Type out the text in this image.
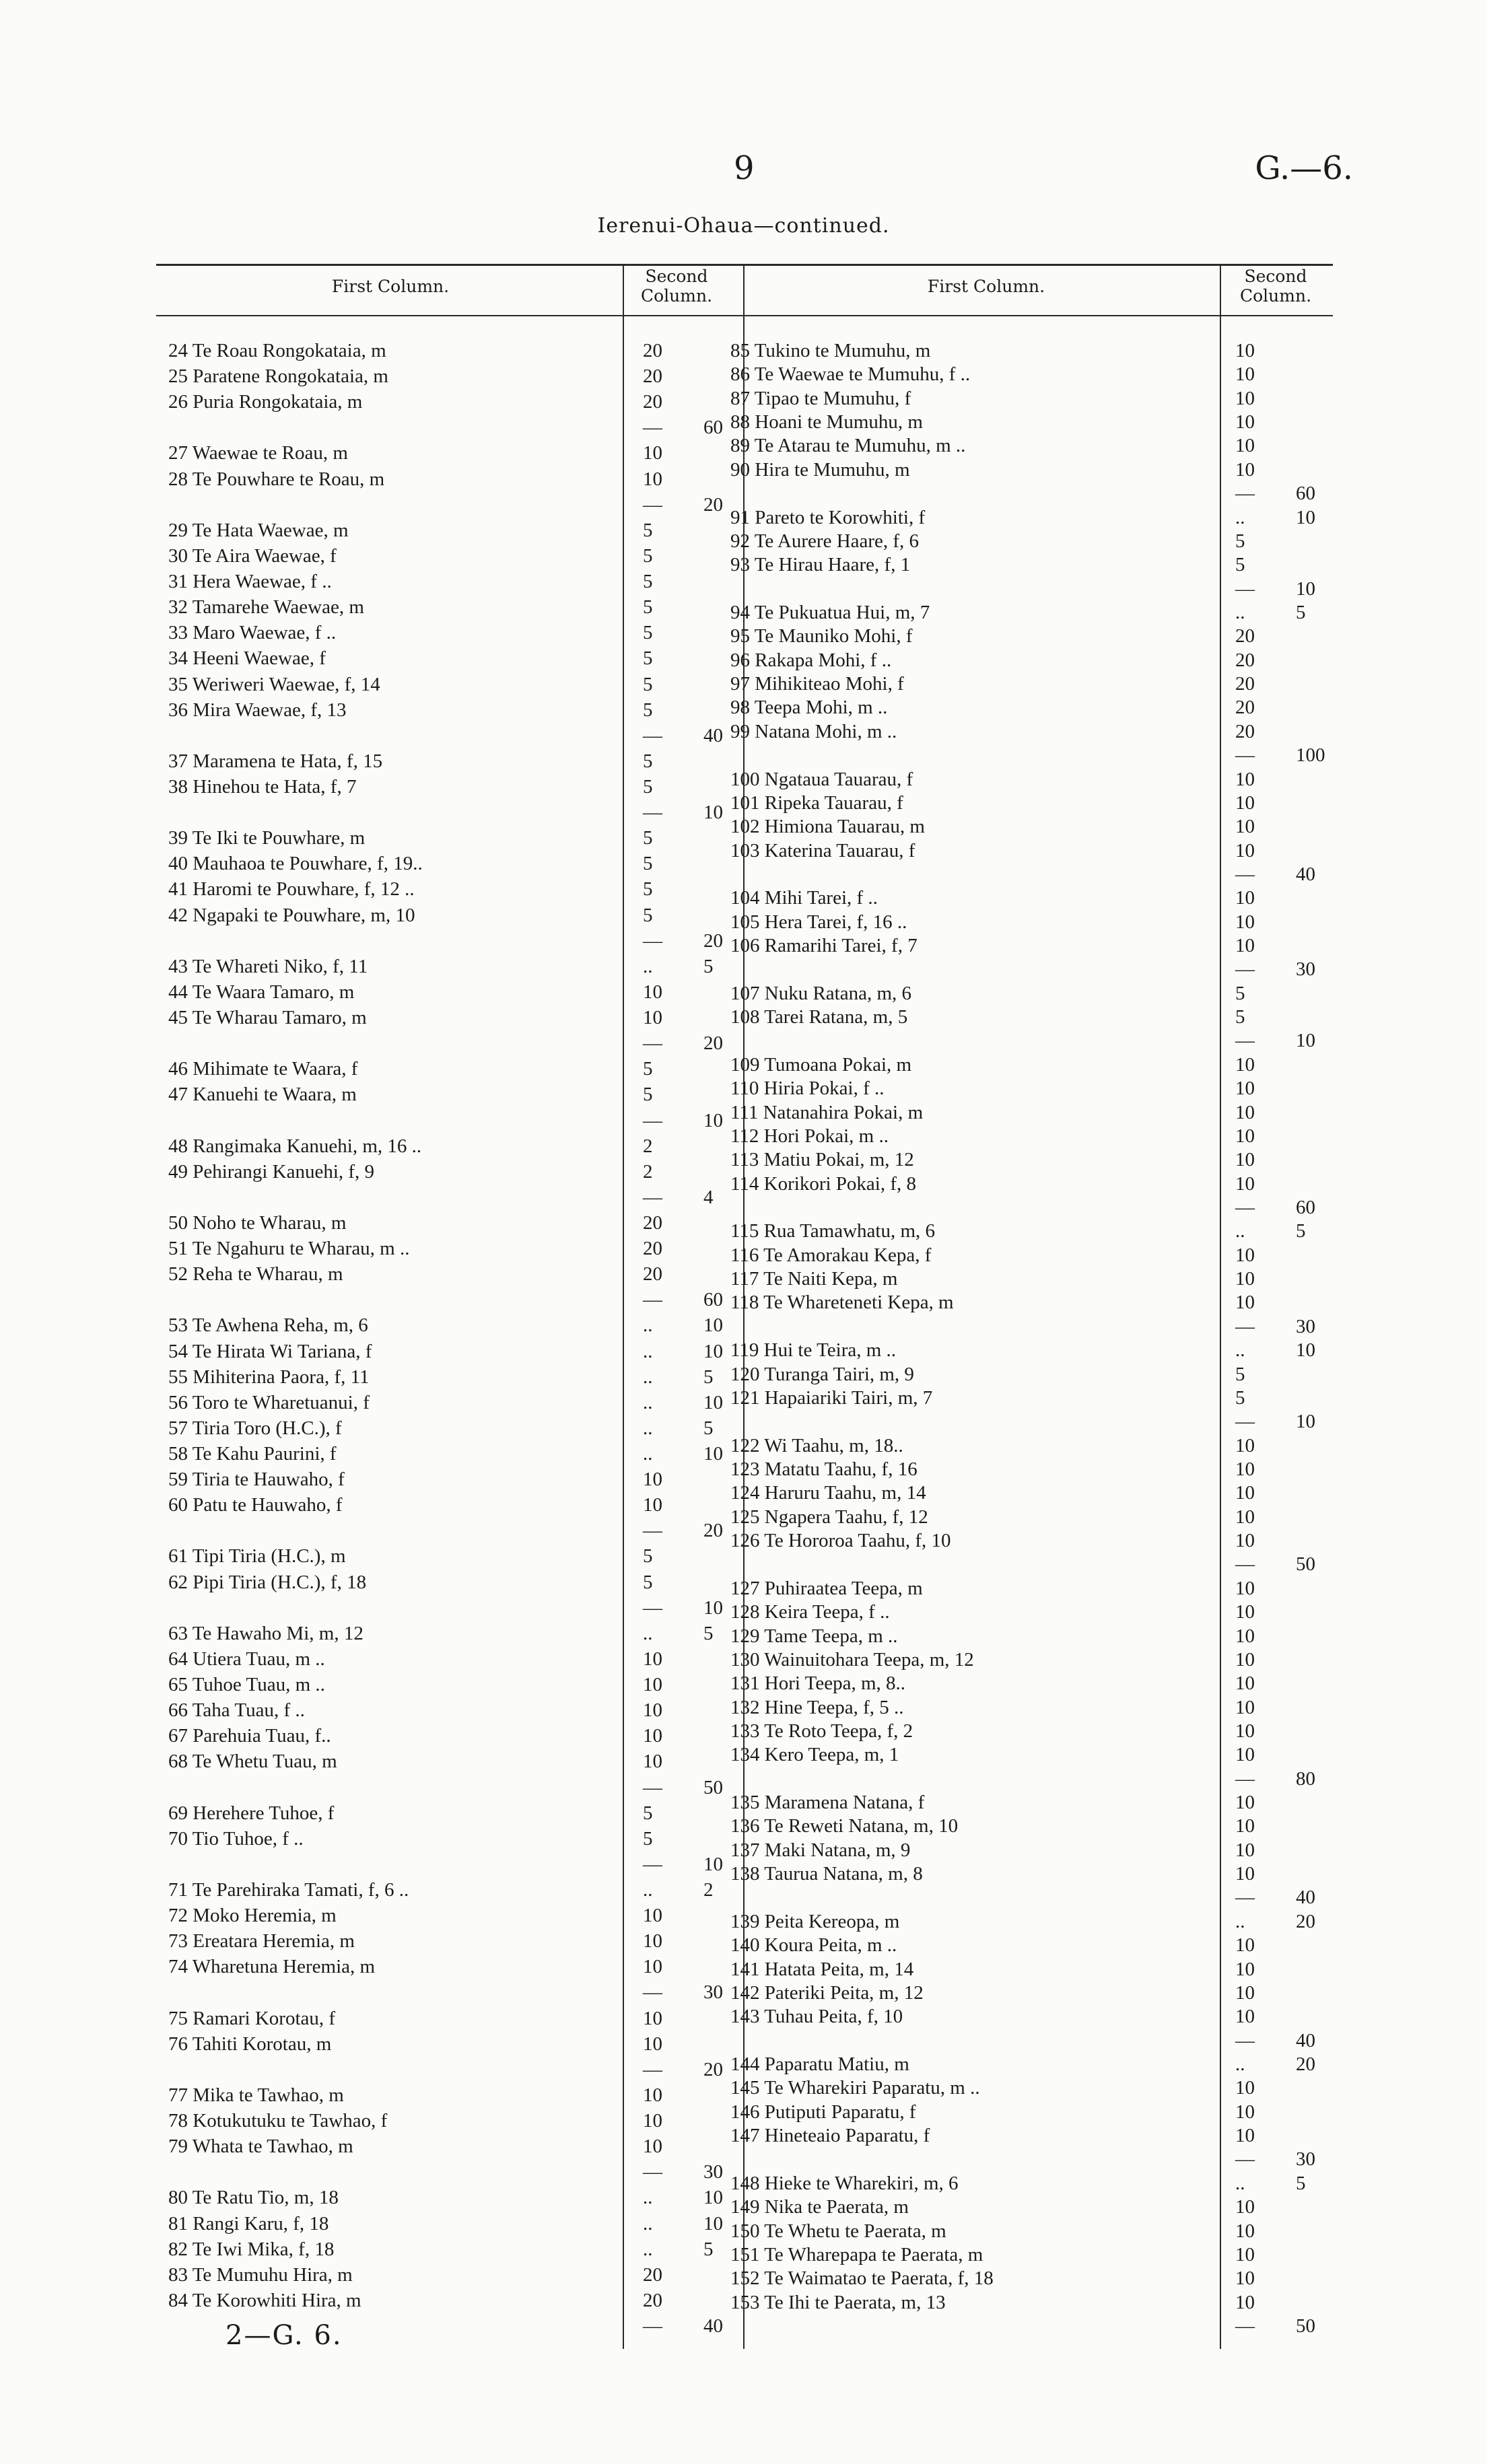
9	G.—6.
Ierenui-Ohaua—continued.
First Column.
Second Column.	First Column.
Second Column.
24 Te Roau Rongokataia, m	20
25 Paratene Rongokataia, m	20
26 Puria Rongokataia, m	20
— 60
27 Waewae te Roau, m	10
28 Te Pouwhare te Roau, m	10
— 20
29 Te Hata Waewae, m	5
30 Te Aira Waewae, f	5
31 Hera Waewae, f ..	5
32 Tamarehe Waewae, m	5
33 Maro Waewae, f ..	5
34 Heeni Waewae, f	5
35 Weriweri Waewae, f, 14	5
36 Mira Waewae, f, 13	5
— 40
37 Maramena te Hata, f, 15	5
38 Hinehou te Hata, f, 7	5
— 10
39 Te Iki te Pouwhare, m	5
40 Mauhaoa te Pouwhare, f, 19..	5
41 Haromi te Pouwhare, f, 12 ..	5
42 Ngapaki te Pouwhare, m, 10	5
— 20
43 Te Whareti Niko, f, 11	..	5
44 Te Waara Tamaro, m	10
45 Te Wharau Tamaro, m	10
— 20
46 Mihimate te Waara, f	5
47 Kanuehi te Waara, m	5
— 10
48 Rangimaka Kanuehi, m, 16 ..	2
49 Pehirangi Kanuehi, f, 9	2
— 4
50 Noho te Wharau, m	20
51 Te Ngahuru te Wharau, m ..	20
52 Reha te Wharau, m	20
— 60
53 Te Awhena Reha, m, 6	..	10
54 Te Hirata Wi Tariana, f	..	10
55 Mihiterina Paora, f, 11	..	5
56 Toro te Wharetuanui, f	..	10
57 Tiria Toro (H.C.), f	..	5
58 Te Kahu Paurini, f	..	10
59 Tiria te Hauwaho, f	10
60 Patu te Hauwaho, f	10
— 20
61 Tipi Tiria (H.C.), m	5
62 Pipi Tiria (H.C.), f, 18	5
— 10
63 Te Hawaho Mi, m, 12	..	5
64 Utiera Tuau, m ..	10
65 Tuhoe Tuau, m ..	10
66 Taha Tuau, f ..	10
67 Parehuia Tuau, f..	10
68 Te Whetu Tuau, m	10
— 50
69 Herehere Tuhoe, f	5
70 Tio Tuhoe, f ..	5
— 10
71 Te Parehiraka Tamati, f, 6 ..	..	2
72 Moko Heremia, m	10
73 Ereatara Heremia, m	10
74 Wharetuna Heremia, m	10
— 30
75 Ramari Korotau, f	10
76 Tahiti Korotau, m	10
— 20
77 Mika te Tawhao, m	10
78 Kotukutuku te Tawhao, f	10
79 Whata te Tawhao, m	10
— 30
80 Te Ratu Tio, m, 18	..	10
81 Rangi Karu, f, 18	..	10
82 Te Iwi Mika, f, 18	..	5
83 Te Mumuhu Hira, m	20
84 Te Korowhiti Hira, m	20
— 40
85 Tukino te Mumuhu, m	10
86 Te Waewae te Mumuhu, f ..	10
87 Tipao te Mumuhu, f	10
88 Hoani te Mumuhu, m	10
89 Te Atarau te Mumuhu, m ..	10
90 Hira te Mumuhu, m	10
— 60
91 Pareto te Korowhiti, f	..	10
92 Te Aurere Haare, f, 6	5
93 Te Hirau Haare, f, 1	5
— 10
94 Te Pukuatua Hui, m, 7	..	5
95 Te Mauniko Mohi, f	20
96 Rakapa Mohi, f ..	20
97 Mihikiteao Mohi, f	20
98 Teepa Mohi, m ..	20
99 Natana Mohi, m ..	20
— 100
100 Ngataua Tauarau, f	10
101 Ripeka Tauarau, f	10
102 Himiona Tauarau, m	10
103 Katerina Tauarau, f	10
— 40
104 Mihi Tarei, f ..	10
105 Hera Tarei, f, 16 ..	10
106 Ramarihi Tarei, f, 7	10
— 30
107 Nuku Ratana, m, 6	5
108 Tarei Ratana, m, 5	5
— 10
109 Tumoana Pokai, m	10
110 Hiria Pokai, f ..	10
111 Natanahira Pokai, m	10
112 Hori Pokai, m ..	10
113 Matiu Pokai, m, 12	10
114 Korikori Pokai, f, 8	10
— 60
115 Rua Tamawhatu, m, 6	..	5
116 Te Amorakau Kepa, f	10
117 Te Naiti Kepa, m	10
118 Te Whareteneti Kepa, m	10
— 30
119 Hui te Teira, m ..	..	10
120 Turanga Tairi, m, 9	5
121 Hapaiariki Tairi, m, 7	5
— 10
122 Wi Taahu, m, 18..	10
123 Matatu Taahu, f, 16	10
124 Haruru Taahu, m, 14	10
125 Ngapera Taahu, f, 12	10
126 Te Hororoa Taahu, f, 10	10
— 50
127 Puhiraatea Teepa, m	10
128 Keira Teepa, f ..	10
129 Tame Teepa, m ..	10
130 Wainuitohara Teepa, m, 12	10
131 Hori Teepa, m, 8..	10
132 Hine Teepa, f, 5 ..	10
133 Te Roto Teepa, f, 2	10
134 Kero Teepa, m, 1	10
— 80
135 Maramena Natana, f	10
136 Te Reweti Natana, m, 10	10
137 Maki Natana, m, 9	10
138 Taurua Natana, m, 8	10
— 40
139 Peita Kereopa, m	..	20
140 Koura Peita, m ..	10
141 Hatata Peita, m, 14	10
142 Pateriki Peita, m, 12	10
143 Tuhau Peita, f, 10	10
— 40
144 Paparatu Matiu, m	..	20
145 Te Wharekiri Paparatu, m ..	10
146 Putiputi Paparatu, f	10
147 Hineteaio Paparatu, f	10
— 30
148 Hieke te Wharekiri, m, 6	..	5
149 Nika te Paerata, m	10
150 Te Whetu te Paerata, m	10
151 Te Wharepapa te Paerata, m	10
152 Te Waimatao te Paerata, f, 18	10
153 Te Ihi te Paerata, m, 13	10
— 50
2—G. 6.
